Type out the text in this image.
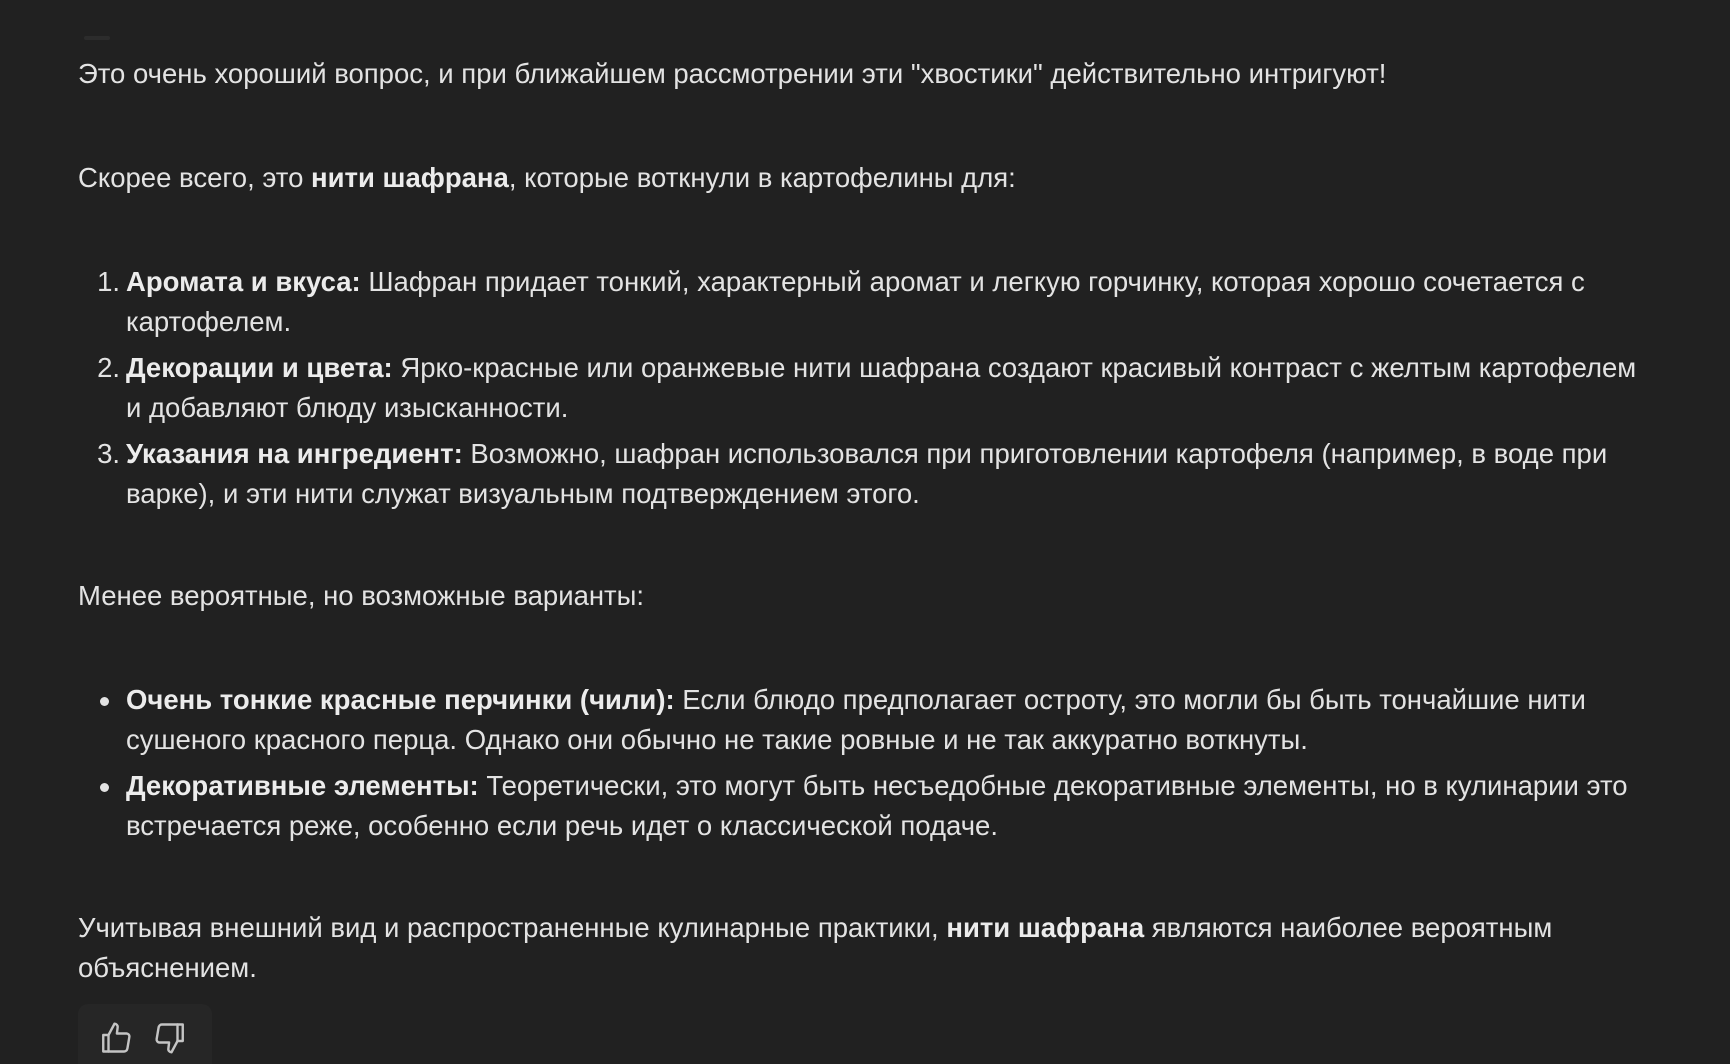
Это очень хороший вопрос, и при ближайшем рассмотрении эти "хвостики" действительно интригуют!

Скорее всего, это нити шафрана, которые воткнули в картофелины для:

1. Аромата и вкуса: Шафран придает тонкий, характерный аромат и легкую горчинку, которая хорошо сочетается с картофелем.
2. Декорации и цвета: Ярко-красные или оранжевые нити шафрана создают красивый контраст с желтым картофелем и добавляют блюду изысканности.
3. Указания на ингредиент: Возможно, шафран использовался при приготовлении картофеля (например, в воде при варке), и эти нити служат визуальным подтверждением этого.

Менее вероятные, но возможные варианты:

Очень тонкие красные перчинки (чили): Если блюдо предполагает остроту, это могли бы быть тончайшие нити сушеного красного перца. Однако они обычно не такие ровные и не так аккуратно воткнуты.
Декоративные элементы: Теоретически, это могут быть несъедобные декоративные элементы, но в кулинарии это встречается реже, особенно если речь идет о классической подаче.

Учитывая внешний вид и распространенные кулинарные практики, нити шафрана являются наиболее вероятным объяснением.
